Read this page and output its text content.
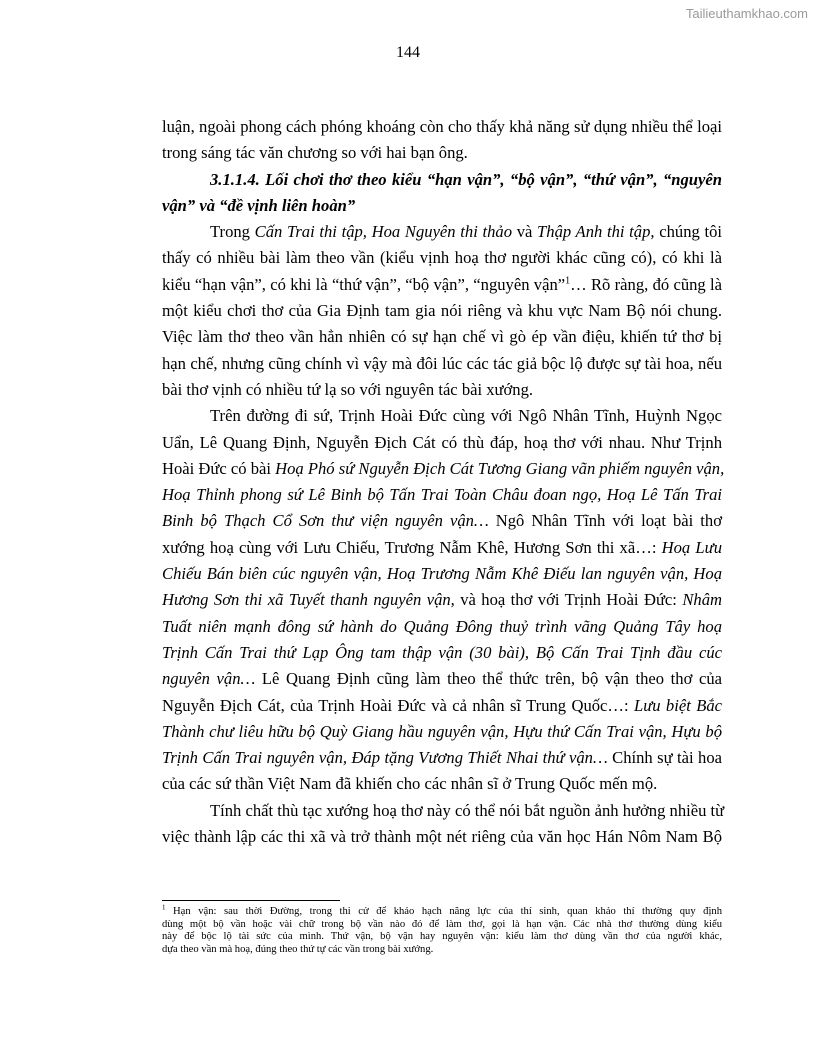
Tailieuthamkhao.com
144
luận, ngoài phong cách phóng khoáng còn cho thấy khả năng sử dụng nhiều thể loại
trong sáng tác văn chương so với hai bạn ông.
3.1.1.4. Lối chơi thơ theo kiểu “hạn vận”, “bộ vận”, “thứ vận”, “nguyên
vận” và “đề vịnh liên hoàn”
Trong Cấn Trai thi tập, Hoa Nguyên thi thảo và Thập Anh thi tập, chúng tôi
thấy có nhiều bài làm theo vần (kiểu vịnh hoạ thơ người khác cũng có), có khi là
kiểu “hạn vận”, có khi là “thứ vận”, “bộ vận”, “nguyên vận”$^1$… Rõ ràng, đó cũng là
một kiểu chơi thơ của Gia Định tam gia nói riêng và khu vực Nam Bộ nói chung.
Việc làm thơ theo vần hẳn nhiên có sự hạn chế vì gò ép vần điệu, khiến tứ thơ bị
hạn chế, nhưng cũng chính vì vậy mà đôi lúc các tác giả bộc lộ được sự tài hoa, nếu
bài thơ vịnh có nhiều tứ lạ so với nguyên tác bài xướng.
Trên đường đi sứ, Trịnh Hoài Đức cùng với Ngô Nhân Tĩnh, Huỳnh Ngọc
Uẩn, Lê Quang Định, Nguyễn Địch Cát có thù đáp, hoạ thơ với nhau. Như Trịnh
Hoài Đức có bài Hoạ Phó sứ Nguyễn Địch Cát Tương Giang vãn phiếm nguyên vận,
Hoạ Thỉnh phong sứ Lê Binh bộ Tấn Trai Toàn Châu đoan ngọ, Hoạ Lê Tấn Trai
Binh bộ Thạch Cổ Sơn thư viện nguyên vận… Ngô Nhân Tĩnh với loạt bài thơ
xướng hoạ cùng với Lưu Chiếu, Trương Nẫm Khê, Hương Sơn thi xã…: Hoạ Lưu
Chiếu Bán biên cúc nguyên vận, Hoạ Trương Nẫm Khê Điếu lan nguyên vận, Hoạ
Hương Sơn thi xã Tuyết thanh nguyên vận, và hoạ thơ với Trịnh Hoài Đức: Nhâm
Tuất niên mạnh đông sứ hành do Quảng Đông thuỷ trình vãng Quảng Tây hoạ
Trịnh Cấn Trai thứ Lạp Ông tam thập vận (30 bài), Bộ Cấn Trai Tịnh đầu cúc
nguyên vận… Lê Quang Định cũng làm theo thể thức trên, bộ vận theo thơ của
Nguyễn Địch Cát, của Trịnh Hoài Đức và cả nhân sĩ Trung Quốc…: Lưu biệt Bắc
Thành chư liêu hữu bộ Quỳ Giang hầu nguyên vận, Hựu thứ Cấn Trai vận, Hựu bộ
Trịnh Cấn Trai nguyên vận, Đáp tặng Vương Thiết Nhai thứ vận… Chính sự tài hoa
của các sứ thần Việt Nam đã khiến cho các nhân sĩ ở Trung Quốc mến mộ.
Tính chất thù tạc xướng hoạ thơ này có thể nói bắt nguồn ảnh hưởng nhiều từ
việc thành lập các thi xã và trở thành một nét riêng của văn học Hán Nôm Nam Bộ
$^1$ Hạn vận: sau thời Đường, trong thi cử để khảo hạch năng lực của thí sinh, quan khảo thí thường quy định
dùng một bộ vần hoặc vài chữ trong bộ vần nào đó để làm thơ, gọi là hạn vận. Các nhà thơ thường dùng kiểu
này để bộc lộ tài sức của mình. Thứ vận, bộ vận hay nguyên vận: kiểu làm thơ dùng vần thơ của người khác,
dựa theo vần mà hoạ, đúng theo thứ tự các vần trong bài xướng.
